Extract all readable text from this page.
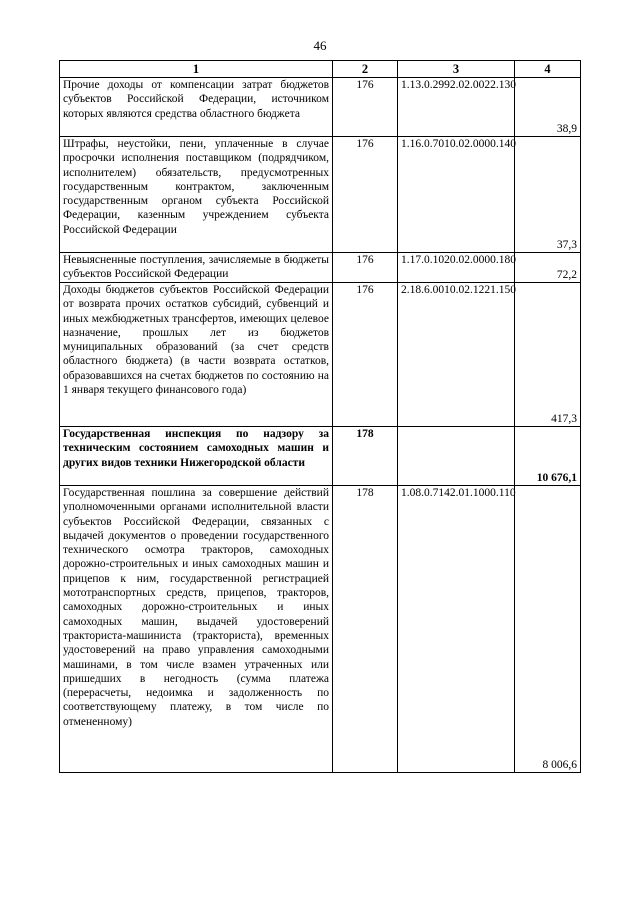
46
1	2	3	4
Прочие доходы от компенсации затрат бюджетов субъектов Российской Федерации, источником которых являются средства областного бюджета	176	1.13.0.2992.02.0022.130	38,9
Штрафы, неустойки, пени, уплаченные в случае просрочки исполнения поставщиком (подрядчиком, исполнителем) обязательств, предусмотренных государственным контрактом, заключенным государственным органом субъекта Российской Федерации, казенным учреждением субъекта Российской Федерации	176	1.16.0.7010.02.0000.140	37,3
Невыясненные поступления, зачисляемые в бюджеты субъектов Российской Федерации	176	1.17.0.1020.02.0000.180	72,2
Доходы бюджетов субъектов Российской Федерации от возврата прочих остатков субсидий, субвенций и иных межбюджетных трансфертов, имеющих целевое назначение, прошлых лет из бюджетов муниципальных образований (за счет средств областного бюджета) (в части возврата остатков, образовавшихся на счетах бюджетов по состоянию на 1 января текущего финансового года)	176	2.18.6.0010.02.1221.150	417,3
Государственная инспекция по надзору за техническим состоянием самоходных машин и других видов техники Нижегородской области	178		10 676,1
Государственная пошлина за совершение действий уполномоченными органами исполнительной власти субъектов Российской Федерации, связанных с выдачей документов о проведении государственного технического осмотра тракторов, самоходных дорожно-строительных и иных самоходных машин и прицепов к ним, государственной регистрацией мототранспортных средств, прицепов, тракторов, самоходных дорожно-строительных и иных самоходных машин, выдачей удостоверений тракториста-машиниста (тракториста), временных удостоверений на право управления самоходными машинами, в том числе взамен утраченных или пришедших в негодность (сумма платежа (перерасчеты, недоимка и задолженность по соответствующему платежу, в том числе по отмененному)	178	1.08.0.7142.01.1000.110	8 006,6
